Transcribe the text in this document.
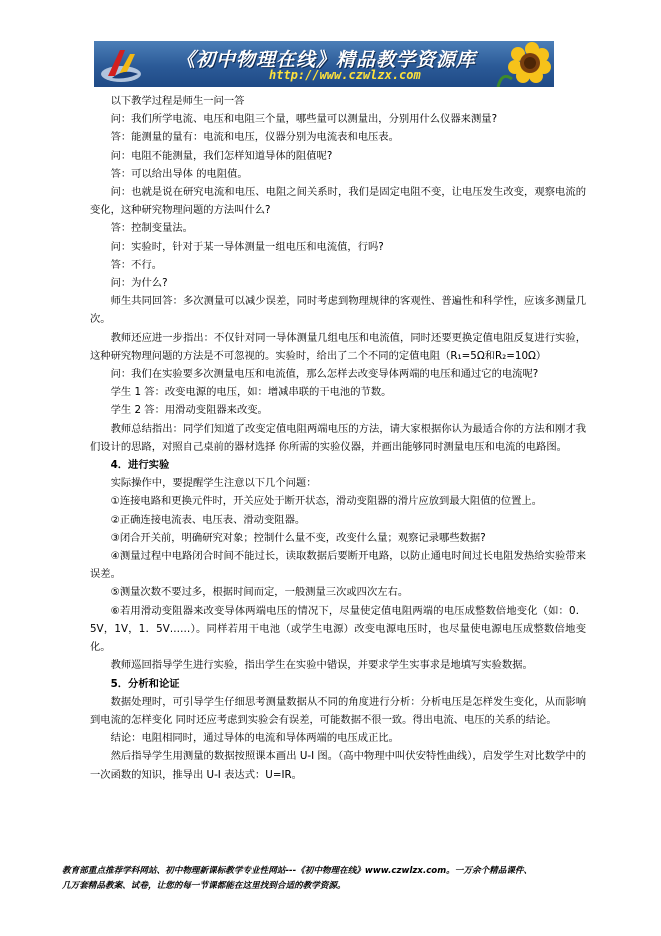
《初中物理在线》精品教学资源库
http://www.czwlzx.com

以下教学过程是师生一问一答

问：我们所学电流、电压和电阻三个量，哪些量可以测量出，分别用什么仪器来测量?

答：能测量的量有：电流和电压，仪器分别为电流表和电压表。

问：电阻不能测量，我们怎样知道导体的阻值呢?

答：可以给出导体 的电阻值。

问：也就是说在研究电流和电压、电阻之间关系时，我们是固定电阻不变，让电压发生改变，观察电流的变化，这种研究物理问题的方法叫什么?

答：控制变量法。

问：实验时，针对于某一导体测量一组电压和电流值，行吗?

答：不行。

问：为什么?

师生共同回答：多次测量可以减少误差，同时考虑到物理规律的客观性、普遍性和科学性，应该多测量几次。

教师还应进一步指出：不仅针对同一导体测量几组电压和电流值，同时还要更换定值电阻反复进行实验，这种研究物理问题的方法是不可忽视的。实验时，给出了二个不同的定值电阻（R₁=5Ω和R₂=10Ω）

问：我们在实验要多次测量电压和电流值，那么怎样去改变导体两端的电压和通过它的电流呢?

学生 1 答：改变电源的电压，如：增减串联的干电池的节数。

学生 2 答：用滑动变阻器来改变。

教师总结指出：同学们知道了改变定值电阻两端电压的方法，请大家根据你认为最适合你的方法和刚才我们设计的思路，对照自己桌前的器材选择 你所需的实验仪器，并画出能够同时测量电压和电流的电路图。

4．进行实验

实际操作中，要提醒学生注意以下几个问题：

①连接电路和更换元件时，开关应处于断开状态，滑动变阻器的滑片应放到最大阻值的位置上。

②正确连接电流表、电压表、滑动变阻器。

③闭合开关前，明确研究对象；控制什么量不变，改变什么量；观察记录哪些数据?

④测量过程中电路闭合时间不能过长，读取数据后要断开电路，以防止通电时间过长电阻发热给实验带来误差。

⑤测量次数不要过多，根据时间而定，一般测量三次或四次左右。

⑥若用滑动变阻器来改变导体两端电压的情况下，尽量使定值电阻两端的电压成整数倍地变化（如：0．5V，1V，1．5V……）。同样若用干电池（或学生电源）改变电源电压时，也尽量使电源电压成整数倍地变化。

教师巡回指导学生进行实验，指出学生在实验中错误，并要求学生实事求是地填写实验数据。

5．分析和论证

数据处理时，可引导学生仔细思考测量数据从不同的角度进行分析：分析电压是怎样发生变化，从而影响到电流的怎样变化 同时还应考虑到实验会有误差，可能数据不很一致。得出电流、电压的关系的结论。

结论：电阻相同时，通过导体的电流和导体两端的电压成正比。

然后指导学生用测量的数据按照课本画出 U-I 图。（高中物理中叫伏安特性曲线），启发学生对比数学中的一次函数的知识，推导出 U-I 表达式：U=IR。

教育部重点推荐学科网站、初中物理新课标教学专业性网站---《初中物理在线》www.czwlzx.com。一万余个精品课件、
几万套精品教案、试卷，让您的每一节课都能在这里找到合适的教学资源。
